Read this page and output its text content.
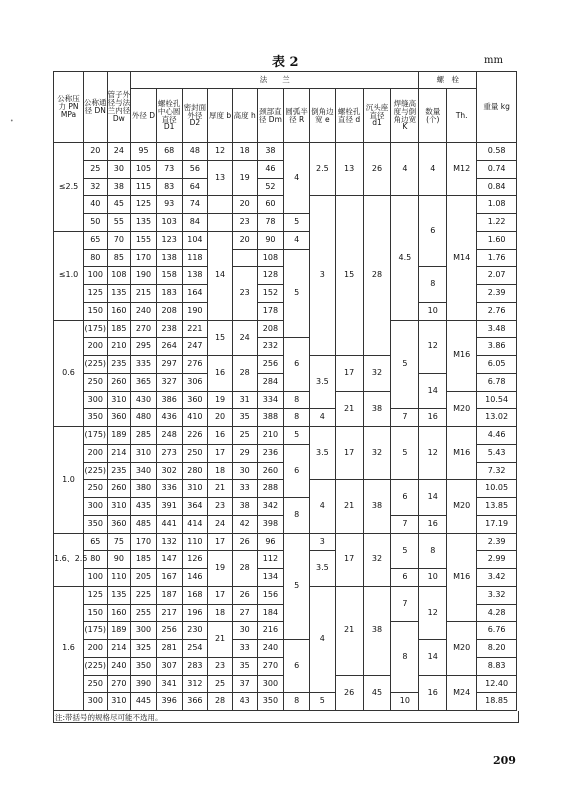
表 2	mm
•
公称压力 PN MPa	公称通径 DN	管子外径与法兰内径 Dw	法　　兰											螺　栓		重量 kg
			外径 D	螺栓孔中心圆直径 D1	密封面外径 D2	厚度 b	高度 h	颈部直径 Dm	圆弧半径 R	倒角边宽 e	螺栓孔直径 d	沉头座直径 d1	焊缝高度与倒角边宽 K	数量 (个)	Th.	
≤2.5	20	24	95	68	48	12	18	38	4	2.5	13	26	4	4	M12	0.58
	25	30	105	73	56	13	19	46								0.74
	32	38	115	83	64			52								0.84
	40	45	125	93	74		20	60		3	15	28	4.5	6	M14	1.08
	50	55	135	103	84		23	78	5							1.22
≤1.0	65	70	155	123	104	14	20	90	4							1.60
	80	85	170	138	118			108	5							1.76
	100	108	190	158	138		23	128						8		2.07
	125	135	215	183	164			152								2.39
	150	160	240	208	190			178						10		2.76
0.6	(175)	185	270	238	221	15	24	208					5	12	M16	3.48
	200	210	295	264	247			232	6							3.86
	(225)	235	335	297	276	16	28	256		3.5	17	32				6.05
	250	260	365	327	306			284						14		6.78
	300	310	430	386	360	19	31	334	8		21	38			M20	10.54
	350	360	480	436	410	20	35	388	8	4			7	16		13.02
1.0	(175)	189	285	248	226	16	25	210	5	3.5	17	32	5	12	M16	4.46
	200	214	310	273	250	17	29	236	6							5.43
	(225)	235	340	302	280	18	30	260								7.32
	250	260	380	336	310	21	33	288		4	21	38	6	14	M20	10.05
	300	310	435	391	364	23	38	342	8							13.85
	350	360	485	441	414	24	42	398					7	16		17.19
1.6、2.5	65	75	170	132	110	17	26	96	5	3	17	32	5	8	M16	2.39
	80	90	185	147	126	19	28	112		3.5						2.99
	100	110	205	167	146			134					6	10		3.42
1.6	125	135	225	187	168	17	26	156		4	21	38	7	12		3.32
	150	160	255	217	196	18	27	184								4.28
	(175)	189	300	256	230	21	30	216					8		M20	6.76
	200	214	325	281	254		33	240	6					14		8.20
	(225)	240	350	307	283	23	35	270								8.83
	250	270	390	341	312	25	37	300			26	45		16	M24	12.40
	300	310	445	396	366	28	43	350	8	5			10			18.85
注:带括号的规格尽可能不选用。
209
